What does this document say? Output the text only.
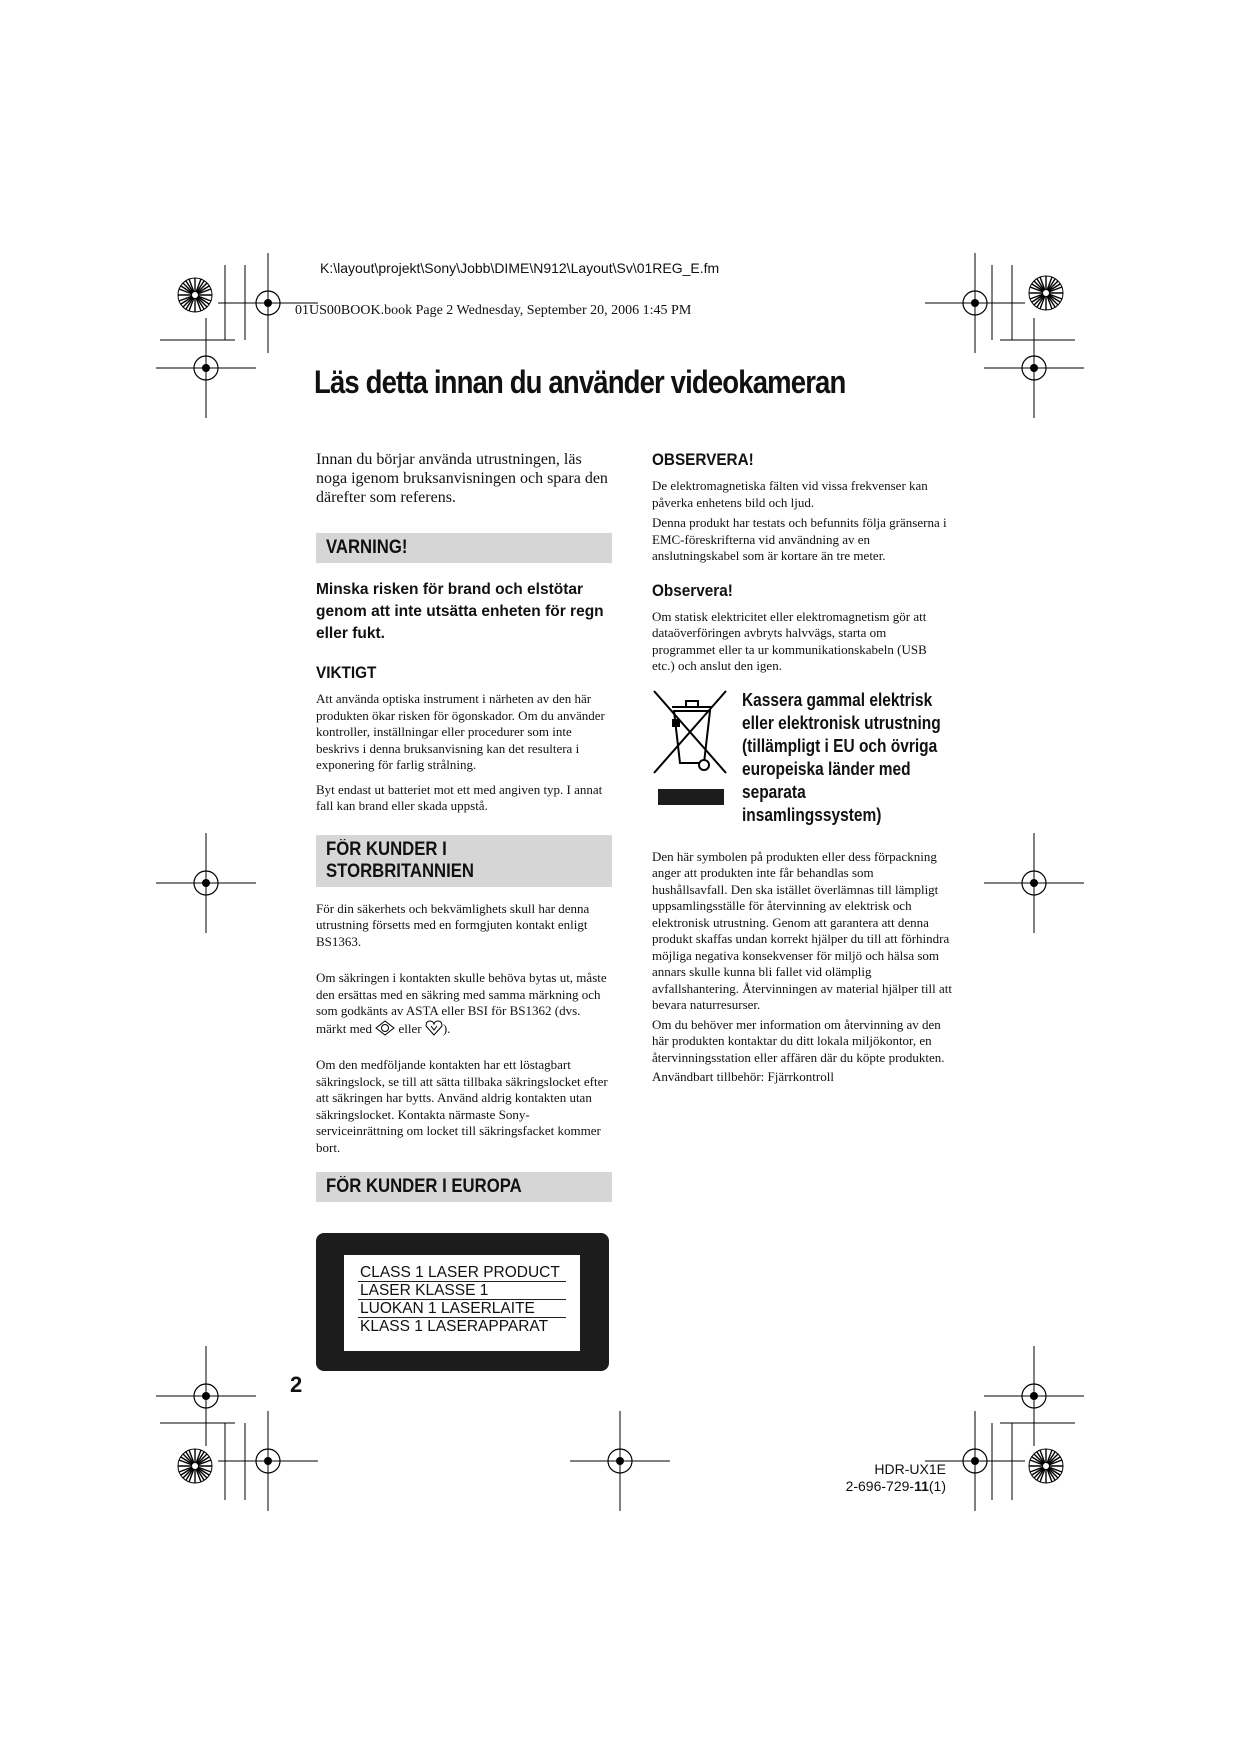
K:\layout\projekt\Sony\Jobb\DIME\N912\Layout\Sv\01REG_E.fm
01US00BOOK.book Page 2 Wednesday, September 20, 2006 1:45 PM
Läs detta innan du använder videokameran

Innan du börjar använda utrustningen, läs noga igenom bruksanvisningen och spara den därefter som referens.

VARNING!

Minska risken för brand och elstötar genom att inte utsätta enheten för regn eller fukt.

VIKTIGT

Att använda optiska instrument i närheten av den här produkten ökar risken för ögonskador. Om du använder kontroller, inställningar eller procedurer som inte beskrivs i denna bruksanvisning kan det resultera i exponering för farlig strålning.

Byt endast ut batteriet mot ett med angiven typ. I annat fall kan brand eller skada uppstå.

FÖR KUNDER I
STORBRITANNIEN

För din säkerhets och bekvämlighets skull har denna utrustning försetts med en formgjuten kontakt enligt BS1363.

Om säkringen i kontakten skulle behöva bytas ut, måste den ersättas med en säkring med samma märkning och som godkänts av ASTA eller BSI för BS1362 (dvs. märkt med  eller ).

Om den medföljande kontakten har ett löstagbart säkringslock, se till att sätta tillbaka säkringslocket efter att säkringen har bytts. Använd aldrig kontakten utan säkringslocket. Kontakta närmaste Sony-serviceinrättning om locket till säkringsfacket kommer bort.

FÖR KUNDER I EUROPA
CLASS 1 LASER PRODUCT
LASER KLASSE 1
LUOKAN 1 LASERLAITE
KLASS 1 LASERAPPARAT
OBSERVERA!

De elektromagnetiska fälten vid vissa frekvenser kan påverka enhetens bild och ljud.

Denna produkt har testats och befunnits följa gränserna i EMC-föreskrifterna vid användning av en anslutningskabel som är kortare än tre meter.

Observera!

Om statisk elektricitet eller elektromagnetism gör att dataöverföringen avbryts halvvägs, starta om programmet eller ta ur kommunikationskabeln (USB etc.) och anslut den igen.

Kassera gammal elektrisk
eller elektronisk utrustning
(tillämpligt i EU och övriga
europeiska länder med
separata
insamlingssystem)

Den här symbolen på produkten eller dess förpackning anger att produkten inte får behandlas som hushållsavfall. Den ska istället överlämnas till lämpligt uppsamlingsställe för återvinning av elektrisk och elektronisk utrustning. Genom att garantera att denna produkt skaffas undan korrekt hjälper du till att förhindra möjliga negativa konsekvenser för miljö och hälsa som annars skulle kunna bli fallet vid olämplig avfallshantering. Återvinningen av material hjälper till att bevara naturresurser.

Om du behöver mer information om återvinning av den här produkten kontaktar du ditt lokala miljökontor, en återvinningsstation eller affären där du köpte produkten.

Användbart tillbehör: Fjärrkontroll

2
HDR-UX1E
2-696-729-11(1)
